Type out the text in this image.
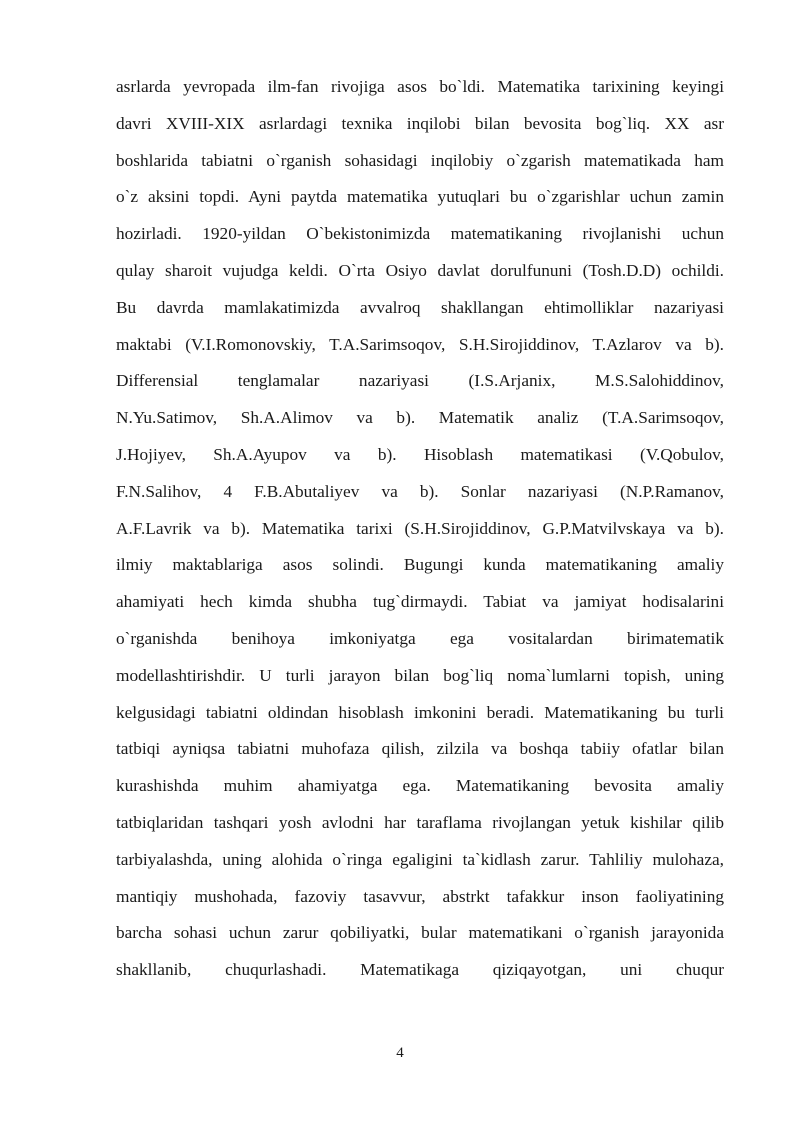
asrlarda yevropada ilm-fan rivojiga asos bo`ldi. Matematika tarixining keyingi
davri XVIII-XIX asrlardagi texnika inqilobi bilan bevosita bog`liq. XX asr
boshlarida tabiatni o`rganish sohasidagi inqilobiy o`zgarish matematikada ham
o`z aksini topdi. Ayni paytda matematika yutuqlari bu o`zgarishlar uchun zamin
hozirladi. 1920-yildan O`bekistonimizda matematikaning rivojlanishi uchun
qulay sharoit vujudga keldi. O`rta Osiyo davlat dorulfununi (Tosh.D.D) ochildi.
Bu davrda mamlakatimizda avvalroq shakllangan ehtimolliklar nazariyasi
maktabi (V.I.Romonovskiy, T.A.Sarimsoqov, S.H.Sirojiddinov, T.Azlarov va b).
Differensial tenglamalar nazariyasi (I.S.Arjanix, M.S.Salohiddinov,
N.Yu.Satimov, Sh.A.Alimov va b). Matematik analiz (T.A.Sarimsoqov,
J.Hojiyev, Sh.A.Ayupov va b). Hisoblash matematikasi (V.Qobulov,
F.N.Salihov, 4 F.B.Abutaliyev va b). Sonlar nazariyasi (N.P.Ramanov,
A.F.Lavrik va b). Matematika tarixi (S.H.Sirojiddinov, G.P.Matvilvskaya va b).
ilmiy maktablariga asos solindi. Bugungi kunda matematikaning amaliy
ahamiyati hech kimda shubha tug`dirmaydi. Tabiat va jamiyat hodisalarini
o`rganishda benihoya imkoniyatga ega vositalardan birimatematik
modellashtirishdir. U turli jarayon bilan bog`liq noma`lumlarni topish, uning
kelgusidagi tabiatni oldindan hisoblash imkonini beradi. Matematikaning bu turli
tatbiqi ayniqsa tabiatni muhofaza qilish, zilzila va boshqa tabiiy ofatlar bilan
kurashishda muhim ahamiyatga ega. Matematikaning bevosita amaliy
tatbiqlaridan tashqari yosh avlodni har taraflama rivojlangan yetuk kishilar qilib
tarbiyalashda, uning alohida o`ringa egaligini ta`kidlash zarur. Tahliliy mulohaza,
mantiqiy mushohada, fazoviy tasavvur, abstrkt tafakkur inson faoliyatining
barcha sohasi uchun zarur qobiliyatki, bular matematikani o`rganish jarayonida
shakllanib, chuqurlashadi. Matematikaga qiziqayotgan, uni chuqur
4
